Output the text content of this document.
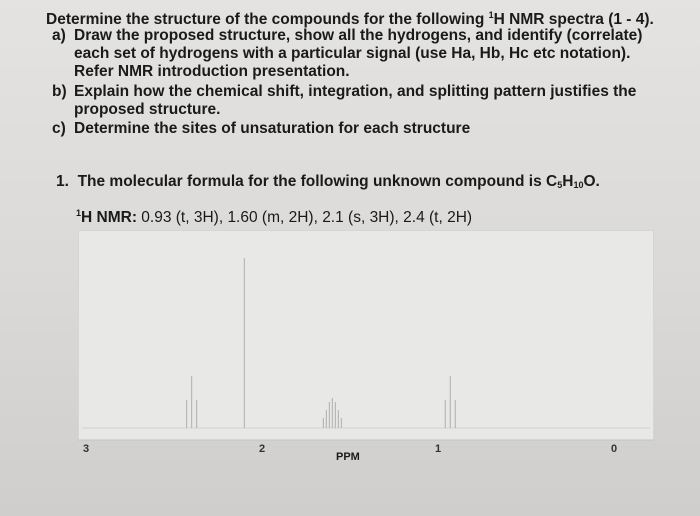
Determine the structure of the compounds for the following $^1$H NMR spectra (1 - 4).
a) Draw the proposed structure, show all the hydrogens, and identify (correlate) each set of hydrogens with a particular signal (use Ha, Hb, Hc etc notation). Refer NMR introduction presentation.
b) Explain how the chemical shift, integration, and splitting pattern justifies the proposed structure.
c) Determine the sites of unsaturation for each structure
1. The molecular formula for the following unknown compound is $C_5H_{10}O$.
$^1$H NMR: 0.93 (t, 3H), 1.60 (m, 2H), 2.1 (s, 3H), 2.4 (t, 2H)
3	2	1	0
PPM
